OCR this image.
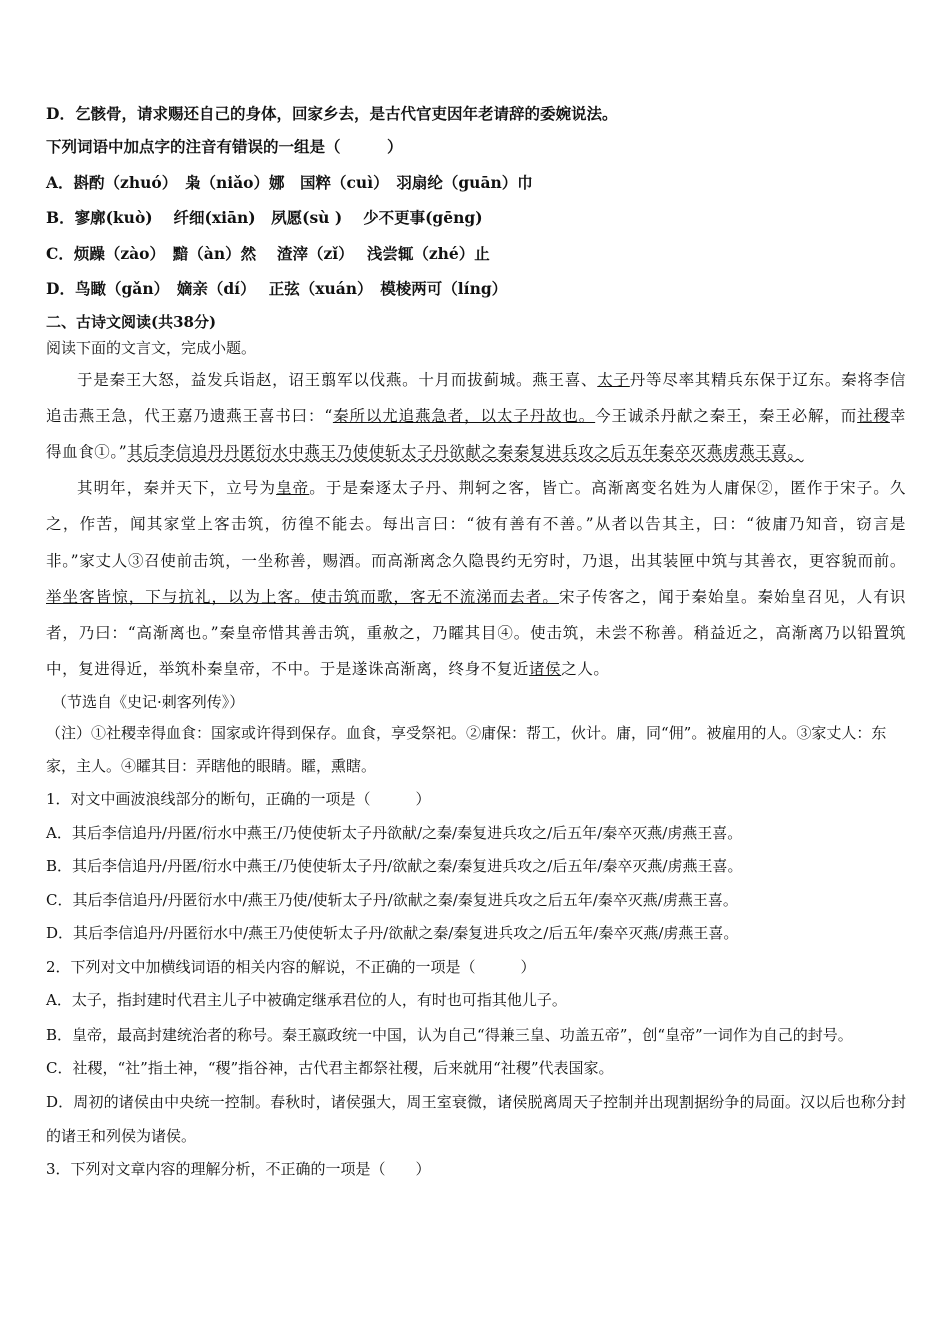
D．乞骸骨，请求赐还自己的身体，回家乡去，是古代官吏因年老请辞的委婉说法。
下列词语中加点字的注音有错误的一组是（　　　）
A．斟酌（zhuó）　枭（niǎo）娜　国粹（cuì）　羽扇纶（guān）巾
B．寥廓(kuò)　 纤细(xiān)　夙愿(sù )　 少不更事(gēng)
C．烦躁（zào）　黯（àn）然　 渣滓（zǐ）　 浅尝辄（zhé）止
D．鸟瞰（gǎn）　嫡亲（dí）　 正弦（xuán）　模棱两可（líng）
二、古诗文阅读(共38分)
阅读下面的文言文，完成小题。

于是秦王大怒，益发兵诣赵，诏王翦军以伐燕。十月而拔蓟城。燕王喜、太子丹等尽率其精兵东保于辽东。秦将李信追击燕王急，代王嘉乃遗燕王喜书曰：“秦所以尤追燕急者，以太子丹故也。今王诚杀丹献之秦王，秦王必解，而社稷幸得血食①。”其后李信追丹丹匿衍水中燕王乃使使斩太子丹欲献之秦秦复进兵攻之后五年秦卒灭燕虏燕王喜。

其明年，秦并天下，立号为皇帝。于是秦逐太子丹、荆轲之客，皆亡。高渐离变名姓为人庸保②，匿作于宋子。久之，作苦，闻其家堂上客击筑，彷徨不能去。每出言曰：“彼有善有不善。”从者以告其主，曰：“彼庸乃知音，窃言是非。”家丈人③召使前击筑，一坐称善，赐酒。而高渐离念久隐畏约无穷时，乃退，出其装匣中筑与其善衣，更容貌而前。举坐客皆惊，下与抗礼，以为上客。使击筑而歌，客无不流涕而去者。宋子传客之，闻于秦始皇。秦始皇召见，人有识者，乃曰：“高渐离也。”秦皇帝惜其善击筑，重赦之，乃矐其目④。使击筑，未尝不称善。稍益近之，高渐离乃以铅置筑中，复进得近，举筑朴秦皇帝，不中。于是遂诛高渐离，终身不复近诸侯之人。

（节选自《史记·刺客列传》）

（注）①社稷幸得血食：国家或许得到保存。血食，享受祭祀。②庸保：帮工，伙计。庸，同“佣”。被雇用的人。③家丈人：东家，主人。④矐其目：弄瞎他的眼睛。矐，熏瞎。

1．对文中画波浪线部分的断句，正确的一项是（　　　）
A．其后李信追丹/丹匿/衍水中燕王/乃使使斩太子丹欲献/之秦/秦复进兵攻之/后五年/秦卒灭燕/虏燕王喜。
B．其后李信追丹/丹匿/衍水中燕王/乃使使斩太子丹/欲献之秦/秦复进兵攻之/后五年/秦卒灭燕/虏燕王喜。
C．其后李信追丹/丹匿衍水中/燕王乃使/使斩太子丹/欲献之秦/秦复进兵攻之后五年/秦卒灭燕/虏燕王喜。
D．其后李信追丹/丹匿衍水中/燕王乃使使斩太子丹/欲献之秦/秦复进兵攻之/后五年/秦卒灭燕/虏燕王喜。
2．下列对文中加横线词语的相关内容的解说，不正确的一项是（　　　）
A．太子，指封建时代君主儿子中被确定继承君位的人，有时也可指其他儿子。

B．皇帝，最高封建统治者的称号。秦王嬴政统一中国，认为自己“得兼三皇、功盖五帝”，创“皇帝”一词作为自己的封号。

C．社稷，“社”指土神，“稷”指谷神，古代君主都祭社稷，后来就用“社稷”代表国家。

D．周初的诸侯由中央统一控制。春秋时，诸侯强大，周王室衰微，诸侯脱离周天子控制并出现割据纷争的局面。汉以后也称分封的诸王和列侯为诸侯。

3．下列对文章内容的理解分析，不正确的一项是（　　）
